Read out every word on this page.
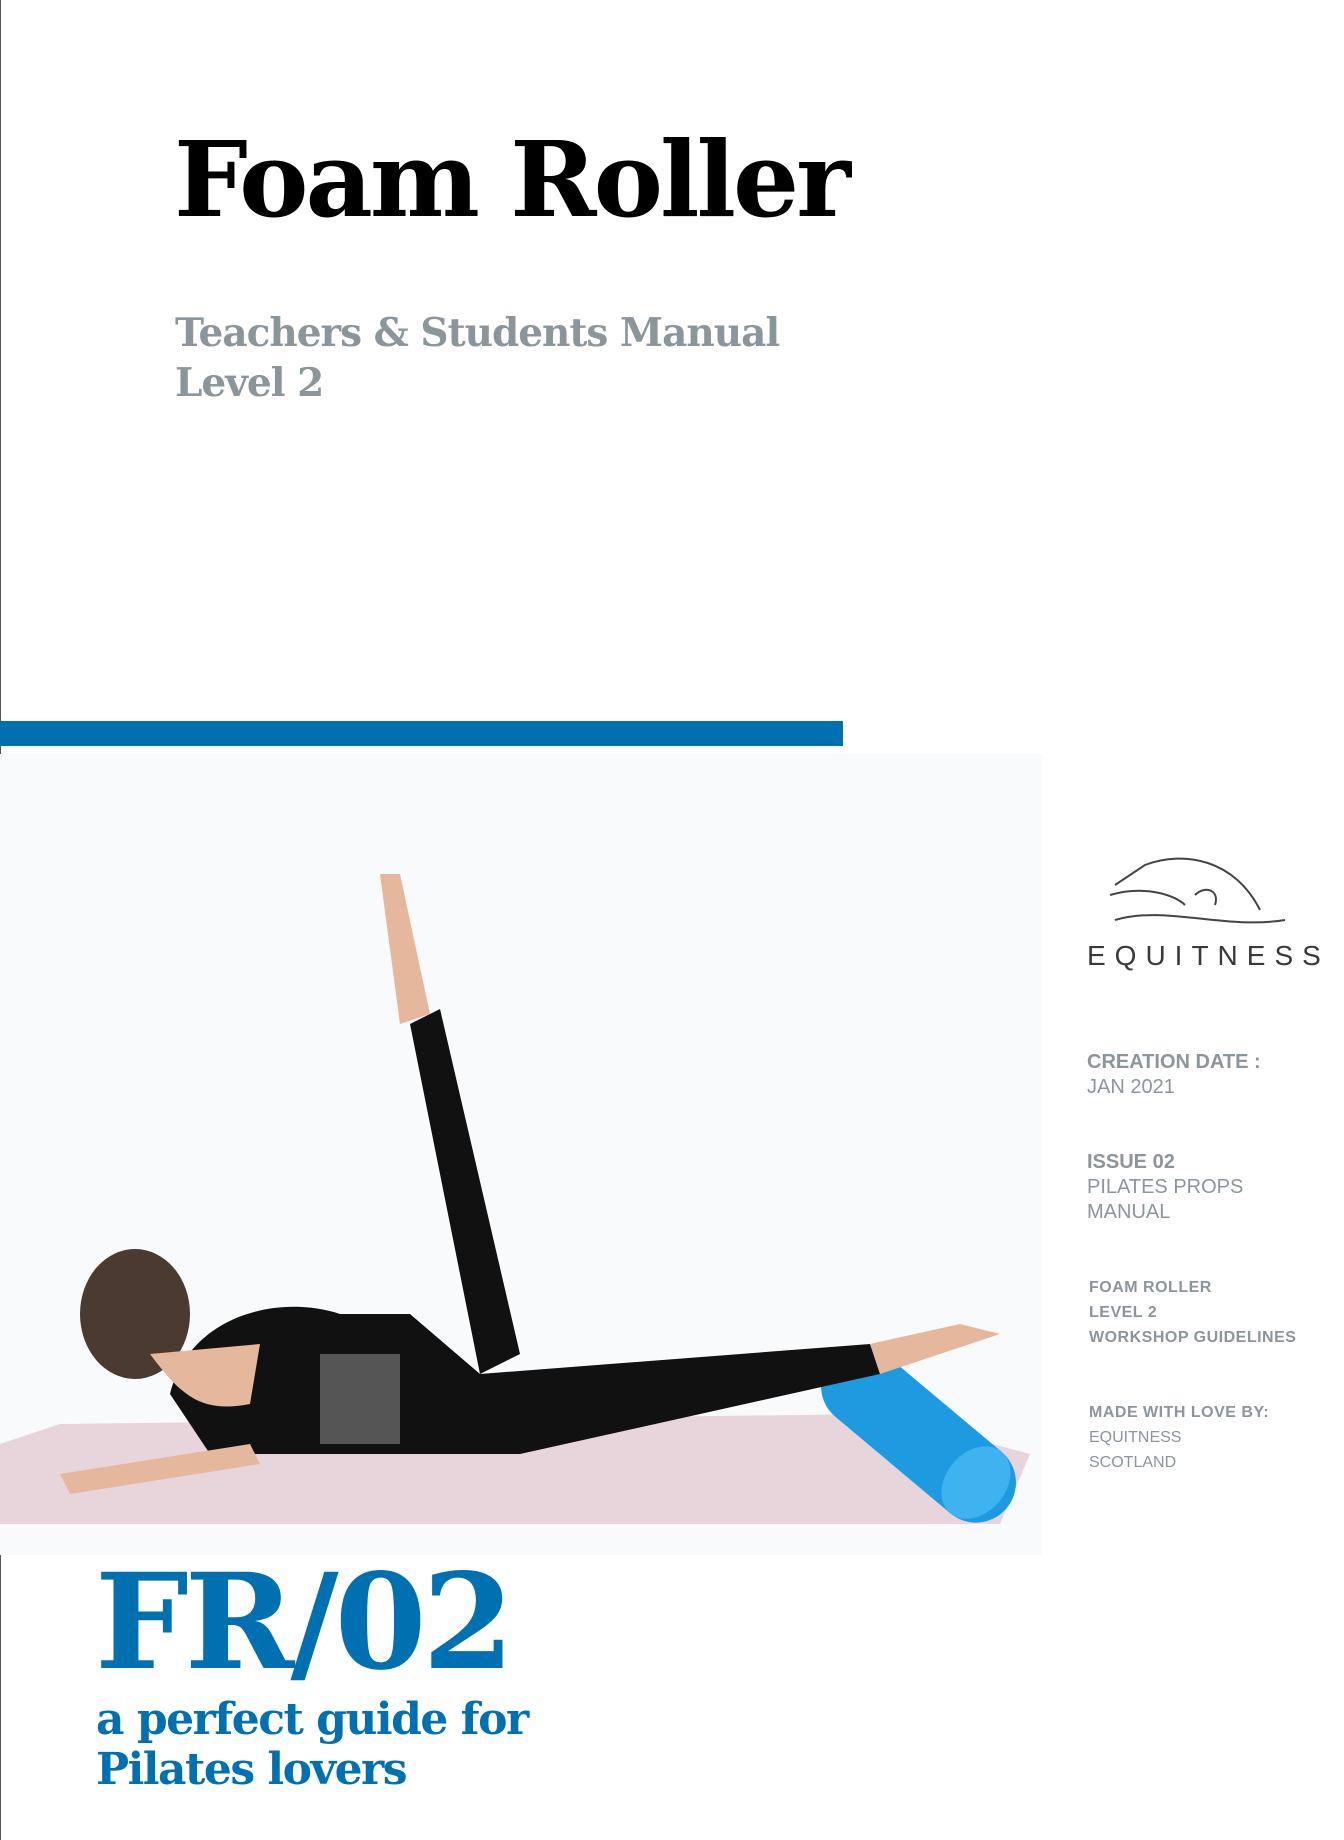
Foam Roller
Teachers & Students Manual
Level 2
EQUITNESS
CREATION DATE :
JAN 2021
ISSUE 02
PILATES PROPS
MANUAL
FOAM ROLLER
LEVEL 2
WORKSHOP GUIDELINES
MADE WITH LOVE BY:
EQUITNESS
SCOTLAND
FR/02
a perfect guide for
Pilates lovers
